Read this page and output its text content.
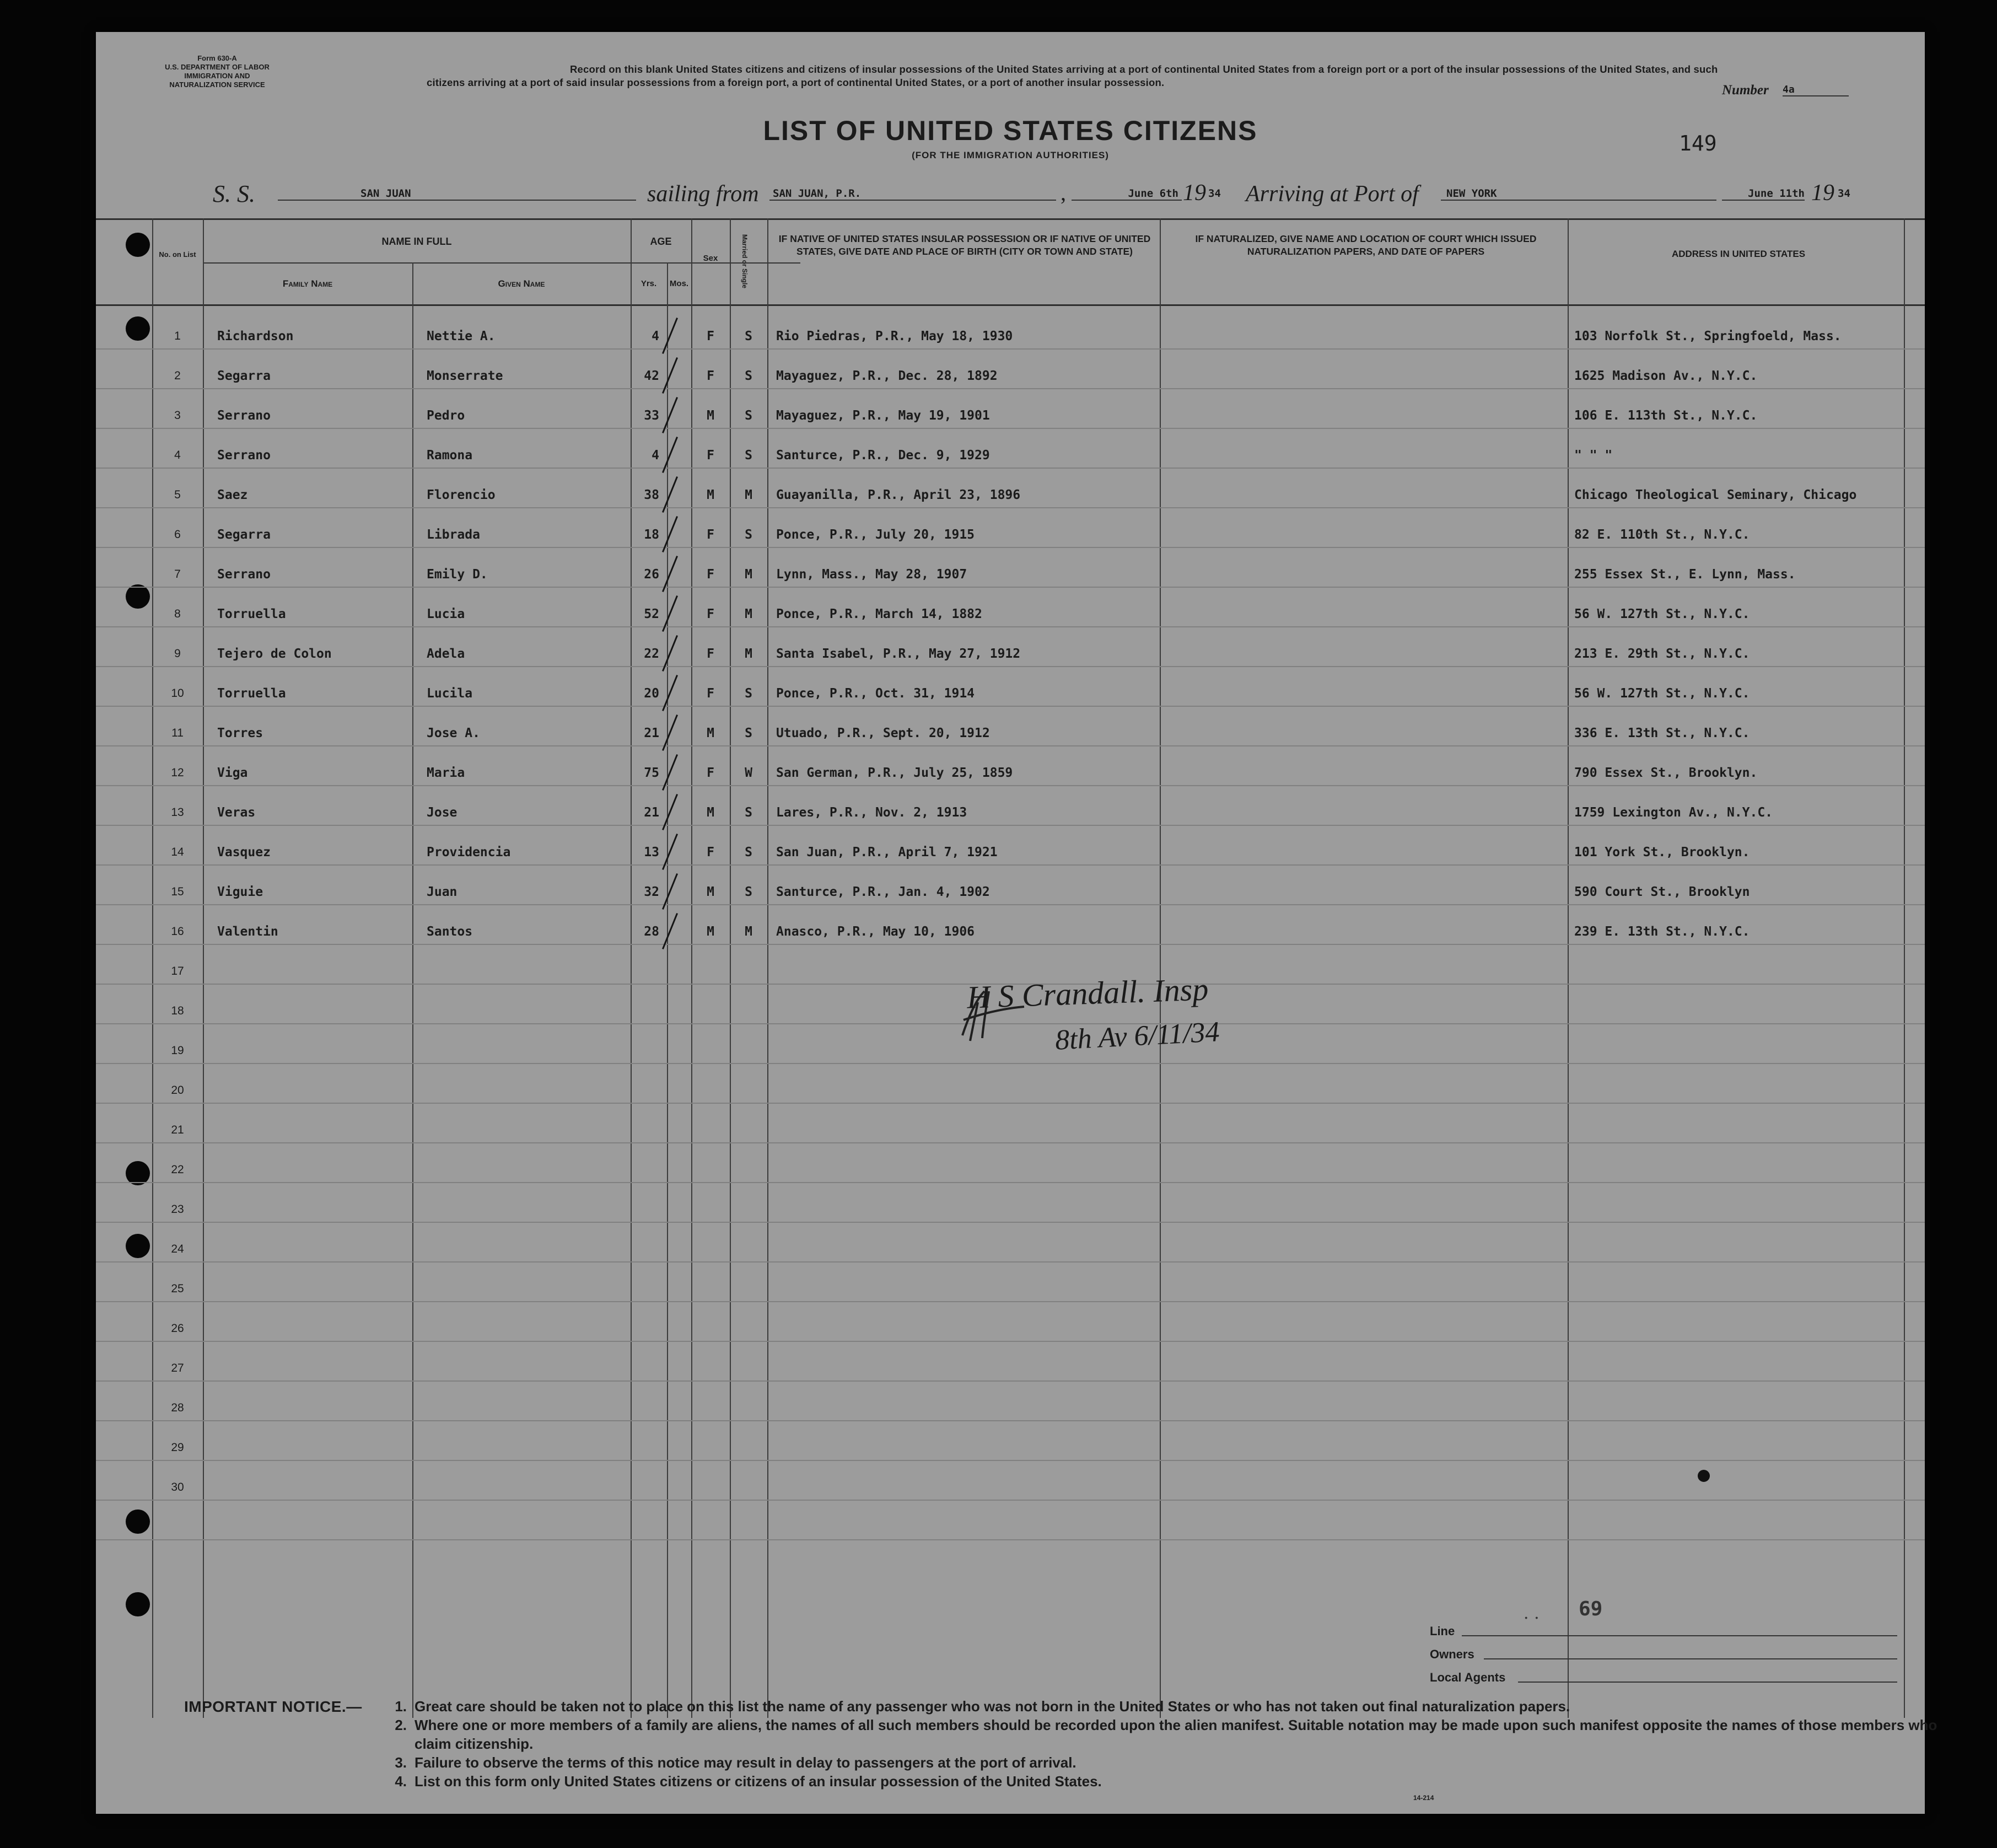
Form 630-A
U.S. DEPARTMENT OF LABOR
IMMIGRATION AND
NATURALIZATION SERVICE
Record on this blank United States citizens and citizens of insular possessions of the United States arriving at a port of continental United States from a foreign port or a port of the insular possessions of the United States, and such citizens arriving at a port of said insular possessions from a foreign port, a port of continental United States, or a port of another insular possession.
Number 4a
149
LIST OF UNITED STATES CITIZENS
(FOR THE IMMIGRATION AUTHORITIES)
S. S.	SAN JUAN	sailing from	SAN JUAN, P.R.	,	June 6th 19 34 Arriving at Port of	NEW YORK	June 11th 19 34
No. on List
NAME IN FULL
Family Name	Given Name
AGE
Yrs.	Mos.
Sex	Married or Single	IF NATIVE OF UNITED STATES INSULAR POSSESSION OR IF NATIVE OF UNITED STATES, GIVE DATE AND PLACE OF BIRTH (CITY OR TOWN AND STATE)
IF NATURALIZED, GIVE NAME AND LOCATION OF COURT WHICH ISSUED NATURALIZATION PAPERS, AND DATE OF PAPERS	ADDRESS IN UNITED STATES
1	Richardson	Nettie A.	4	F	S	Rio Piedras, P.R., May 18, 1930	103 Norfolk St., Springfoeld, Mass.
2	Segarra	Monserrate	42	F	S	Mayaguez, P.R., Dec. 28, 1892	1625 Madison Av., N.Y.C.
3	Serrano	Pedro	33	M	S	Mayaguez, P.R., May 19, 1901	106 E. 113th St., N.Y.C.
4	Serrano	Ramona	4	F	S	Santurce, P.R., Dec. 9, 1929	" " "
5	Saez	Florencio	38	M	M	Guayanilla, P.R., April 23, 1896	Chicago Theological Seminary, Chicago
6	Segarra	Librada	18	F	S	Ponce, P.R., July 20, 1915	82 E. 110th St., N.Y.C.
7	Serrano	Emily D.	26	F	M	Lynn, Mass., May 28, 1907	255 Essex St., E. Lynn, Mass.
8	Torruella	Lucia	52	F	M	Ponce, P.R., March 14, 1882	56 W. 127th St., N.Y.C.
9	Tejero de Colon	Adela	22	F	M	Santa Isabel, P.R., May 27, 1912	213 E. 29th St., N.Y.C.
10	Torruella	Lucila	20	F	S	Ponce, P.R., Oct. 31, 1914	56 W. 127th St., N.Y.C.
11	Torres	Jose A.	21	M	S	Utuado, P.R., Sept. 20, 1912	336 E. 13th St., N.Y.C.
12	Viga	Maria	75	F	W	San German, P.R., July 25, 1859	790 Essex St., Brooklyn.
13	Veras	Jose	21	M	S	Lares, P.R., Nov. 2, 1913	1759 Lexington Av., N.Y.C.
14	Vasquez	Providencia	13	F	S	San Juan, P.R., April 7, 1921	101 York St., Brooklyn.
15	Viguie	Juan	32	M	S	Santurce, P.R., Jan. 4, 1902	590 Court St., Brooklyn
16	Valentin	Santos	28	M	M	Anasco, P.R., May 10, 1906	239 E. 13th St., N.Y.C.
17
18
19
20
21
22
23
24
25
26
27
28
29
30
H S Crandall. Insp
8th Av 6/11/34
69
· ·
Line
Owners
Local Agents
IMPORTANT NOTICE.— 1. Great care should be taken not to place on this list the name of any passenger who was not born in the United States or who has not taken out final naturalization papers.
2. Where one or more members of a family are aliens, the names of all such members should be recorded upon the alien manifest. Suitable notation may be made upon such manifest opposite the names of those members who claim citizenship.
3. Failure to observe the terms of this notice may result in delay to passengers at the port of arrival.
4. List on this form only United States citizens or citizens of an insular possession of the United States.
14-214
